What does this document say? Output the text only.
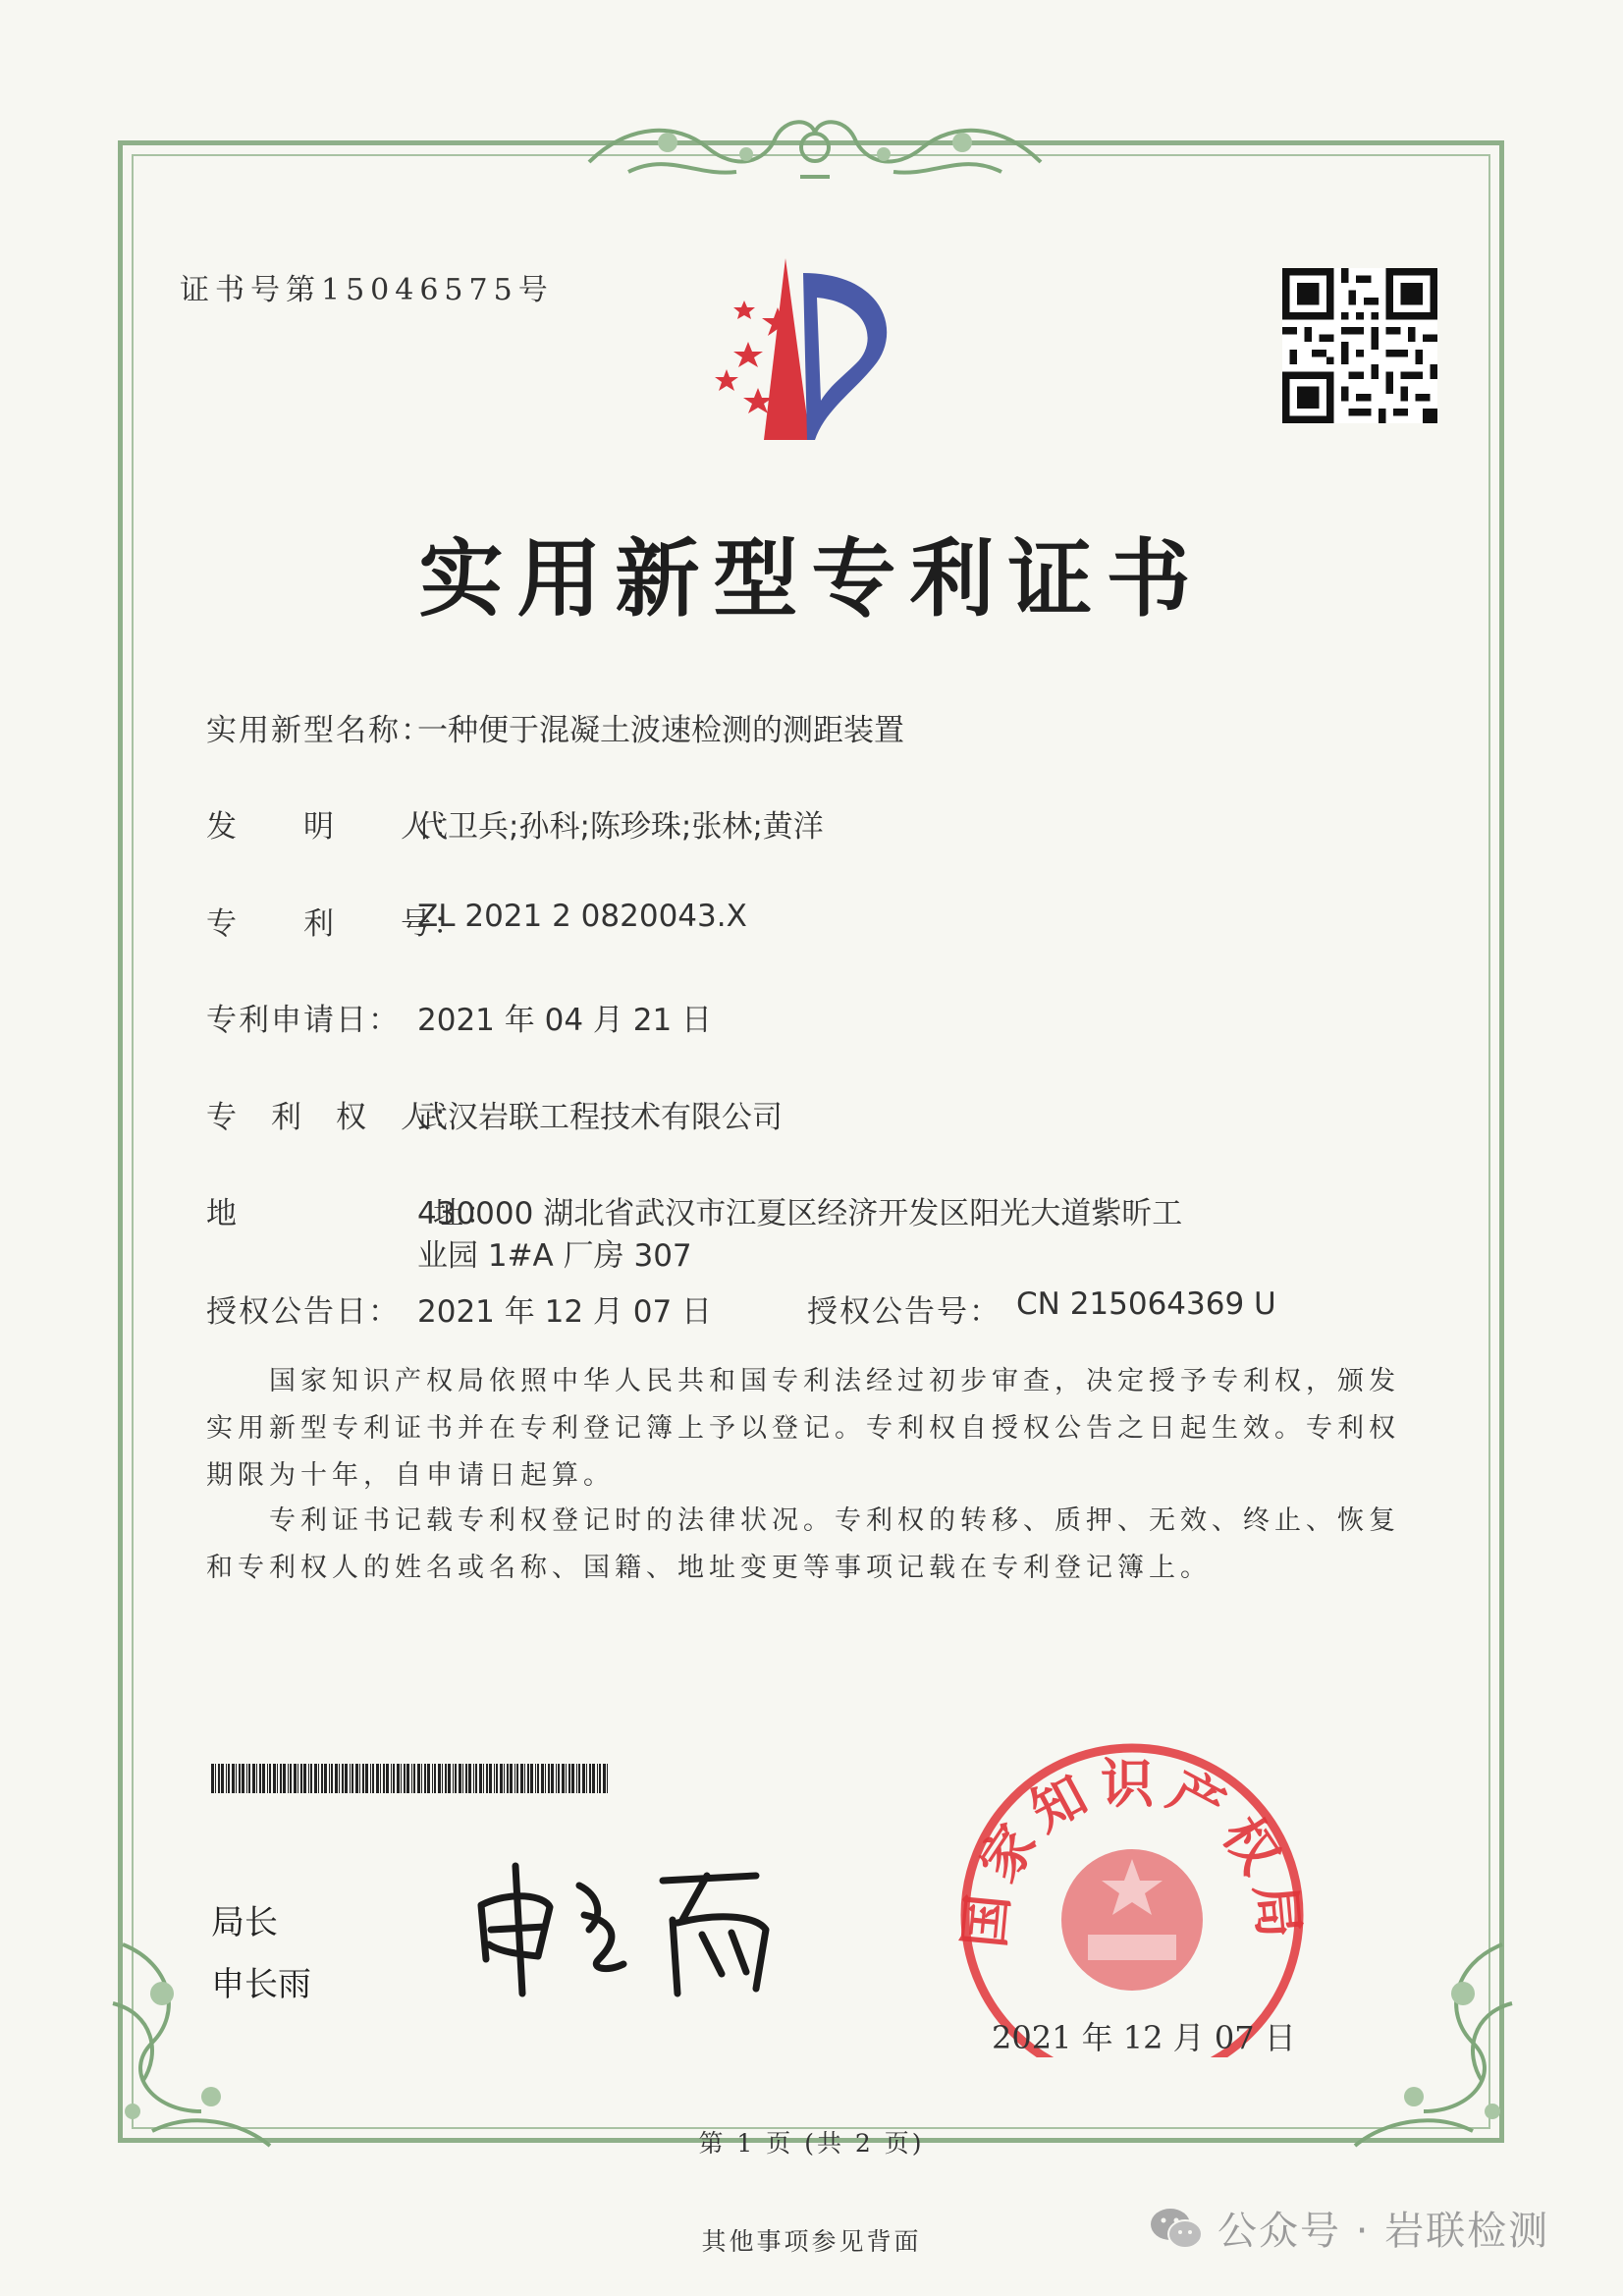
证书号第15046575号
实用新型专利证书
实用新型名称：
一种便于混凝土波速检测的测距装置
发　　明　　人：
代卫兵;孙科;陈珍珠;张林;黄洋
专　　利　　号：
ZL 2021 2 0820043.X
专利申请日： 2021 年 04 月 21 日
专　利　权　人：
武汉岩联工程技术有限公司
地　　　　　　址：
430000 湖北省武汉市江夏区经济开发区阳光大道紫昕工
业园 1#A 厂房 307
授权公告日： 2021 年 12 月 07 日	授权公告号： CN 215064369 U
　　国家知识产权局依照中华人民共和国专利法经过初步审查，决定授予专利权，颁发实用新型专利证书并在专利登记簿上予以登记。专利权自授权公告之日起生效。专利权期限为十年，自申请日起算。
　　专利证书记载专利权登记时的法律状况。专利权的转移、质押、无效、终止、恢复和专利权人的姓名或名称、国籍、地址变更等事项记载在专利登记簿上。
局长
申长雨
国家知识产权局
2021 年 12 月 07 日
第 1 页 (共 2 页)
其他事项参见背面	公众号 · 岩联检测
